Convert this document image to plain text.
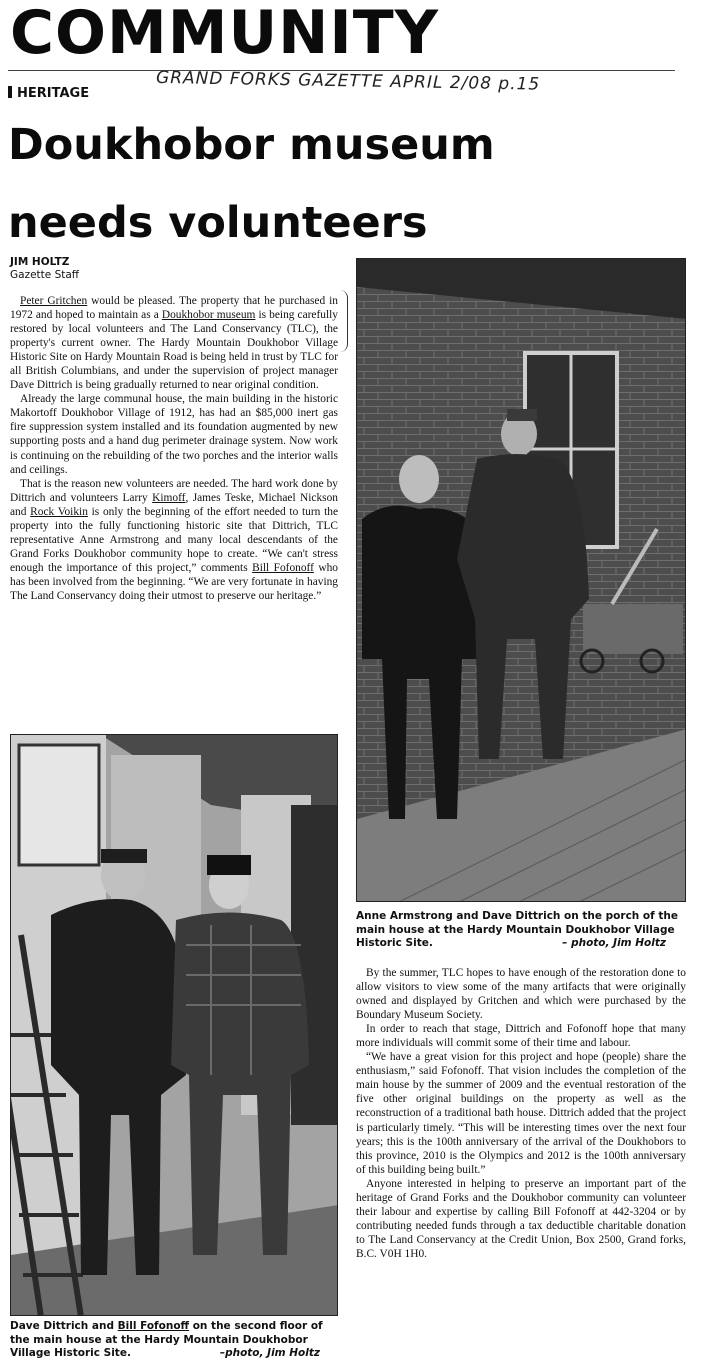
COMMUNITY
HERITAGE	GRAND FORKS GAZETTE APRIL 2/08 p.15
Doukhobor museum
needs volunteers
JIM HOLTZ
Gazette Staff

Peter Gritchen would be pleased. The property that he purchased in 1972 and hoped to maintain as a Doukhobor museum is being carefully restored by local volunteers and The Land Conservancy (TLC), the property's current owner. The Hardy Mountain Doukhobor Village Historic Site on Hardy Mountain Road is being held in trust by TLC for all British Columbians, and under the supervision of project manager Dave Dittrich is being gradually returned to near original condition.

Already the large communal house, the main building in the historic Makortoff Doukhobor Village of 1912, has had an $85,000 inert gas fire suppression system installed and its foundation augmented by new supporting posts and a hand dug perimeter drainage system. Now work is continuing on the rebuilding of the two porches and the interior walls and ceilings.

That is the reason new volunteers are needed. The hard work done by Dittrich and volunteers Larry Kimoff, James Teske, Michael Nickson and Rock Voikin is only the beginning of the effort needed to turn the property into the fully functioning historic site that Dittrich, TLC representative Anne Armstrong and many local descendants of the Grand Forks Doukhobor community hope to create. “We can't stress enough the importance of this project,” comments Bill Fofonoff who has been involved from the beginning. “We are very fortunate in having The Land Conservancy doing their utmost to preserve our heritage.”

Anne Armstrong and Dave Dittrich on the porch of the main house at the Hardy Mountain Doukhobor Village Historic Site.	– photo, Jim Holtz

By the summer, TLC hopes to have enough of the restoration done to allow visitors to view some of the many artifacts that were originally owned and displayed by Gritchen and which were purchased by the Boundary Museum Society.

In order to reach that stage, Dittrich and Fofonoff hope that many more individuals will commit some of their time and labour.

“We have a great vision for this project and hope (people) share the enthusiasm,” said Fofonoff. That vision includes the completion of the main house by the summer of 2009 and the eventual restoration of the five other original buildings on the property as well as the reconstruction of a traditional bath house. Dittrich added that the project is particularly timely. “This will be interesting times over the next four years; this is the 100th anniversary of the arrival of the Doukhobors to this province, 2010 is the Olympics and 2012 is the 100th anniversary of this building being built.”

Anyone interested in helping to preserve an important part of the heritage of Grand Forks and the Doukhobor community can volunteer their labour and expertise by calling Bill Fofonoff at 442-3204 or by contributing needed funds through a tax deductible charitable donation to The Land Conservancy at the Credit Union, Box 2500, Grand forks, B.C. V0H 1H0.

Dave Dittrich and Bill Fofonoff on the second floor of the main house at the Hardy Mountain Doukhobor Village Historic Site.	–photo, Jim Holtz
